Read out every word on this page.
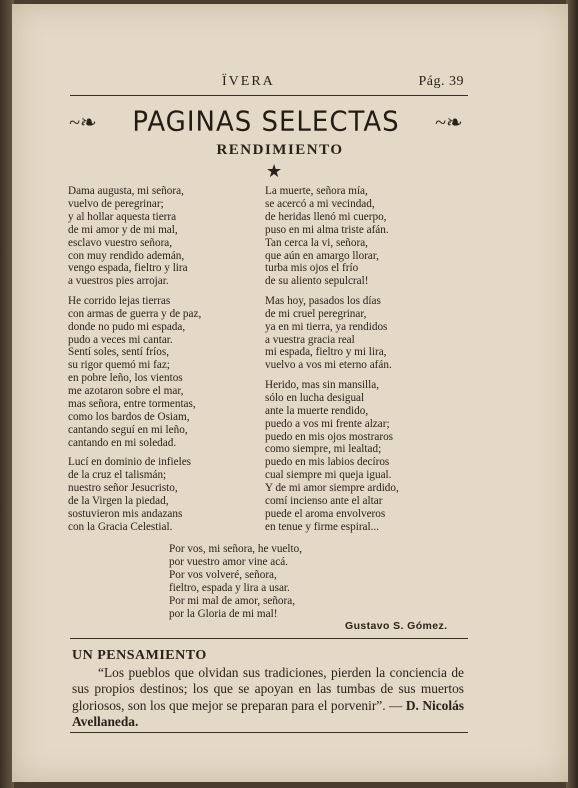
ÏVERA	Pág. 39
~❧ PAGINAS SELECTAS ~❧
RENDIMIENTO
★
Dama augusta, mi señora,
vuelvo de peregrinar;
y al hollar aquesta tierra
de mi amor y de mi mal,
esclavo vuestro señora,
con muy rendido ademán,
vengo espada, fieltro y lira
a vuestros pies arrojar.
He corrido lejas tierras
con armas de guerra y de paz,
donde no pudo mi espada,
pudo a veces mi cantar.
Sentí soles, sentí fríos,
su rigor quemó mi faz;
en pobre leño, los vientos
me azotaron sobre el mar,
mas señora, entre tormentas,
como los bardos de Osiam,
cantando seguí en mi leño,
cantando en mi soledad.
Lucí en dominio de infieles
de la cruz el talismán;
nuestro señor Jesucristo,
de la Virgen la piedad,
sostuvieron mis andazans
con la Gracia Celestial.
La muerte, señora mía,
se acercó a mi vecindad,
de heridas llenó mi cuerpo,
puso en mi alma triste afán.
Tan cerca la vi, señora,
que aún en amargo llorar,
turba mis ojos el frío
de su aliento sepulcral!
Mas hoy, pasados los días
de mi cruel peregrinar,
ya en mi tierra, ya rendidos
a vuestra gracia real
mi espada, fieltro y mi lira,
vuelvo a vos mi eterno afán.
Herido, mas sin mansilla,
sólo en lucha desigual
ante la muerte rendido,
puedo a vos mi frente alzar;
puedo en mis ojos mostraros
como siempre, mi lealtad;
puedo en mis labios decíros
cual siempre mi queja igual.
Y de mi amor siempre ardido,
comí incienso ante el altar
puede el aroma envolveros
en tenue y firme espiral...
Por vos, mi señora, he vuelto,
por vuestro amor vine acá.
Por vos volveré, señora,
fieltro, espada y lira a usar.
Por mi mal de amor, señora,
por la Gloria de mi mal!
Gustavo S. Gómez.
UN PENSAMIENTO
“Los pueblos que olvidan sus tradiciones, pierden la conciencia de sus propios destinos; los que se apoyan en las tumbas de sus muertos gloriosos, son los que mejor se preparan para el porvenir”. — D. Nicolás Avellaneda.
